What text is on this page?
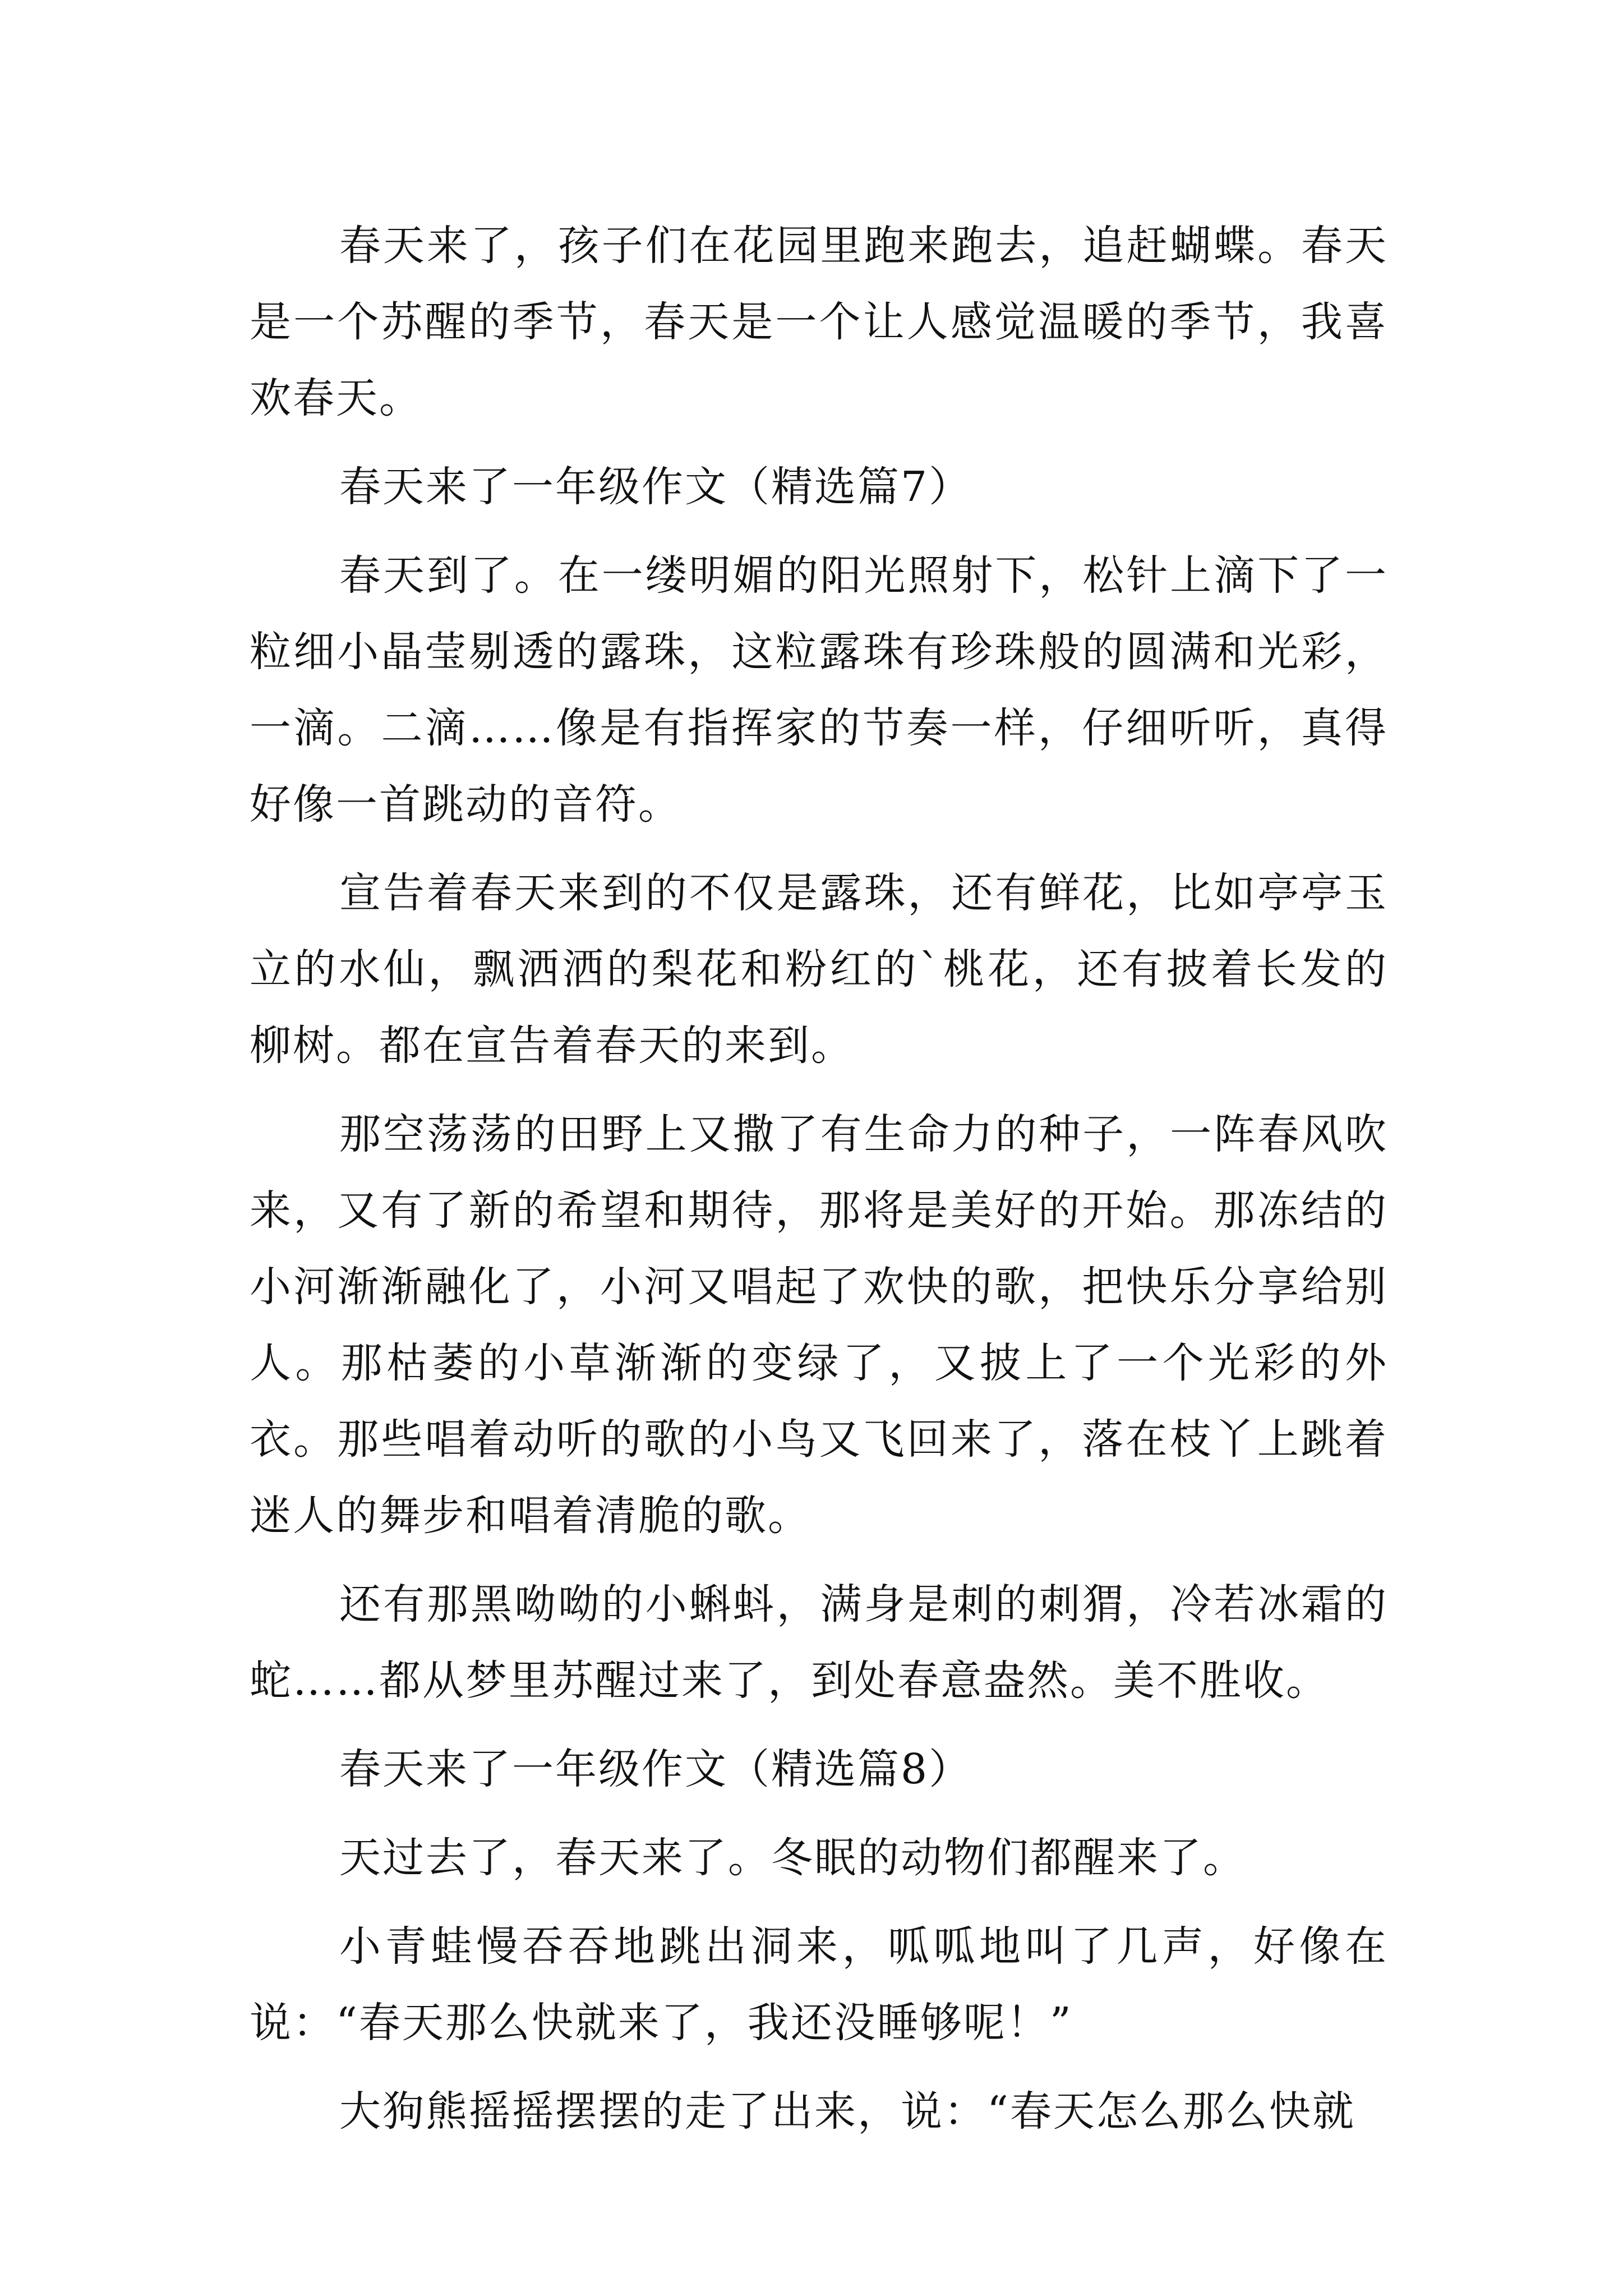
春天来了，孩子们在花园里跑来跑去，追赶蝴蝶。春天是一个苏醒的季节，春天是一个让人感觉温暖的季节，我喜欢春天。

春天来了一年级作文（精选篇7）

春天到了。在一缕明媚的阳光照射下，松针上滴下了一粒细小晶莹剔透的露珠，这粒露珠有珍珠般的圆满和光彩，一滴。二滴……像是有指挥家的节奏一样，仔细听听，真得好像一首跳动的音符。

宣告着春天来到的不仅是露珠，还有鲜花，比如亭亭玉立的水仙，飘洒洒的梨花和粉红的`桃花，还有披着长发的柳树。都在宣告着春天的来到。

那空荡荡的田野上又撒了有生命力的种子，一阵春风吹来，又有了新的希望和期待，那将是美好的开始。那冻结的小河渐渐融化了，小河又唱起了欢快的歌，把快乐分享给别人。那枯萎的小草渐渐的变绿了，又披上了一个光彩的外衣。那些唱着动听的歌的小鸟又飞回来了，落在枝丫上跳着迷人的舞步和唱着清脆的歌。

还有那黑呦呦的小蝌蚪，满身是刺的刺猬，冷若冰霜的蛇……都从梦里苏醒过来了，到处春意盎然。美不胜收。

春天来了一年级作文（精选篇8）

天过去了，春天来了。冬眠的动物们都醒来了。

小青蛙慢吞吞地跳出洞来，呱呱地叫了几声，好像在说：“春天那么快就来了，我还没睡够呢！”

大狗熊摇摇摆摆的走了出来，说：“春天怎么那么快就
